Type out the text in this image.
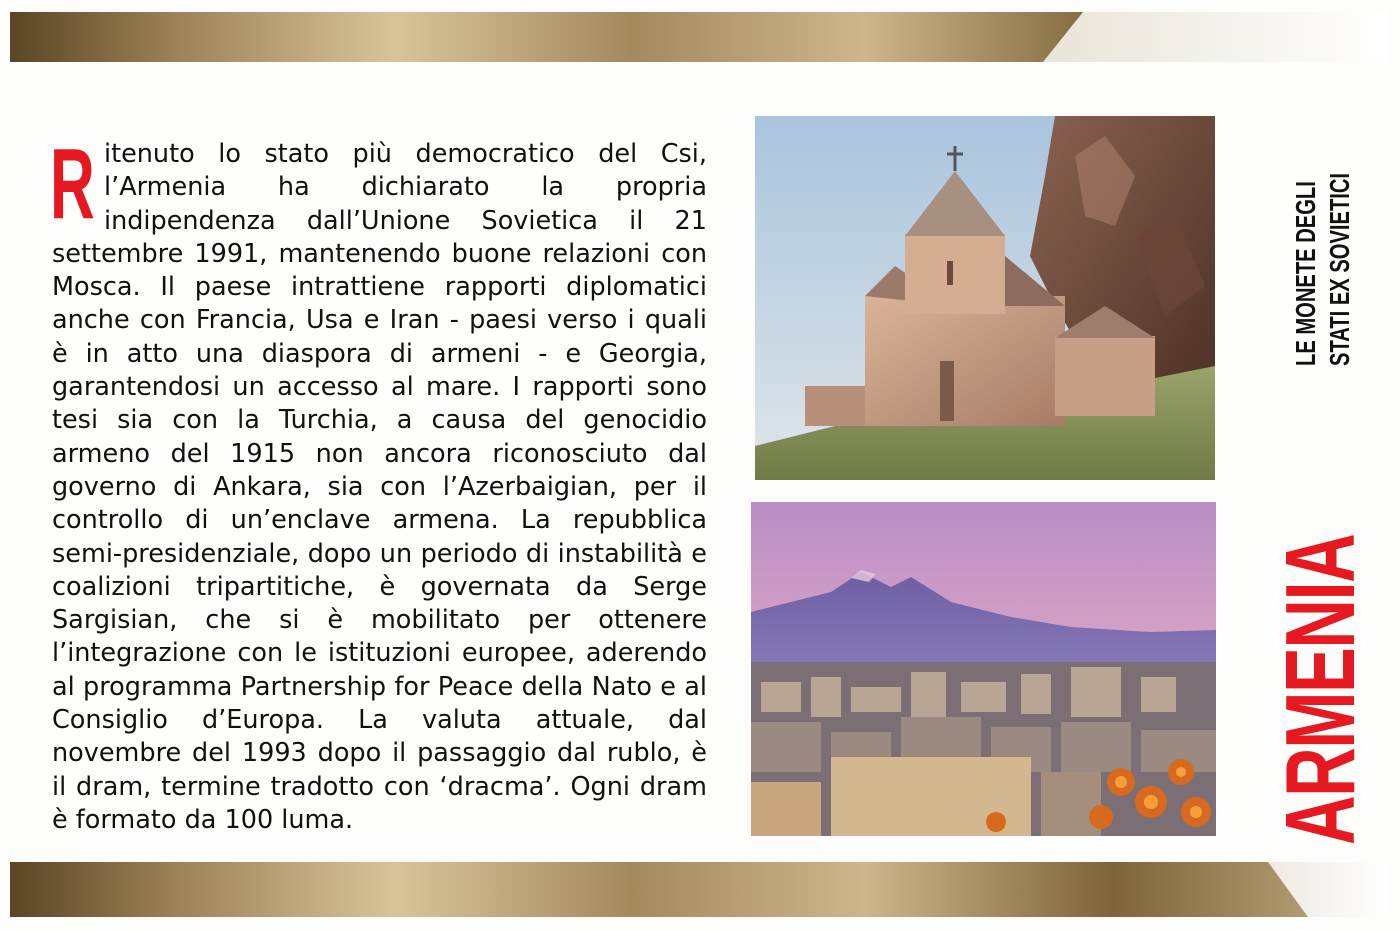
Ritenuto lo stato più democratico del Csi, l’Armenia ha dichiarato la propria indipendenza dall’Unione Sovietica il 21 settembre 1991, mantenendo buone relazioni con Mosca. Il paese intrattiene rapporti diplomatici anche con Francia, Usa e Iran - paesi verso i quali è in atto una diaspora di armeni - e Georgia, garantendosi un accesso al mare. I rapporti sono tesi sia con la Turchia, a causa del genocidio armeno del 1915 non ancora riconosciuto dal governo di Ankara, sia con l’Azerbaigian, per il controllo di un’enclave armena. La repubblica semi-presidenziale, dopo un periodo di instabilità e coalizioni tripartitiche, è governata da Serge Sargisian, che si è mobilitato per ottenere l’integrazione con le istituzioni europee, aderendo al programma Partnership for Peace della Nato e al Consiglio d’Europa. La valuta attuale, dal novembre del 1993 dopo il passaggio dal rublo, è il dram, termine tradotto con ‘dracma’. Ogni dram è formato da 100 luma.
LE MONETE DEGLI STATI EX SOVIETICI
ARMENIA
